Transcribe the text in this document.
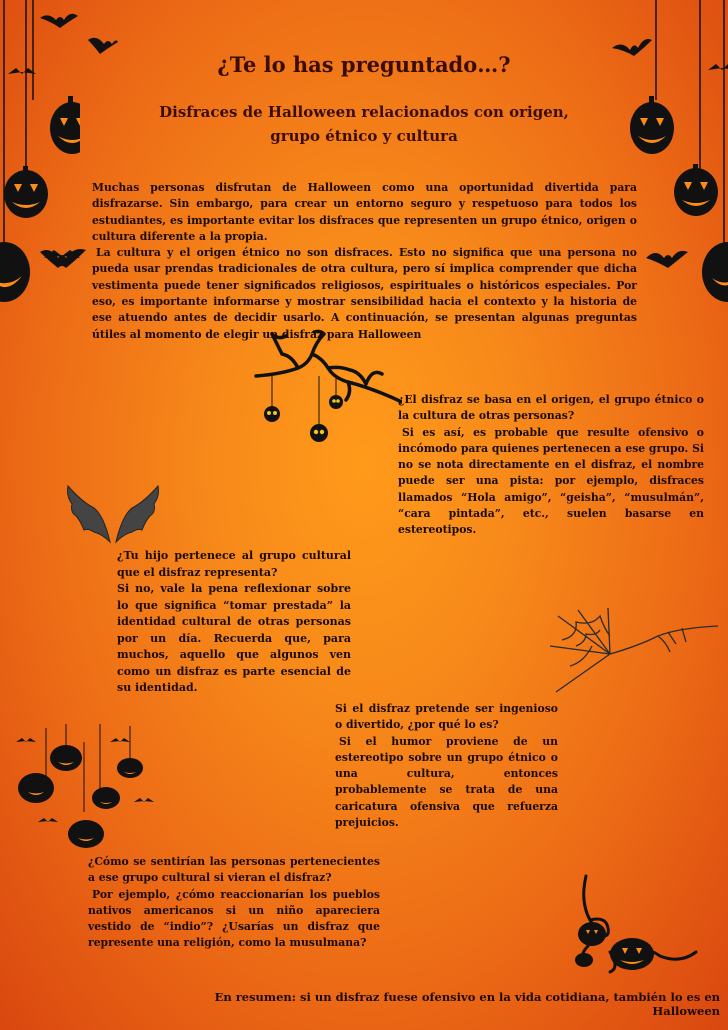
¿Te lo has preguntado…?
Disfraces de Halloween relacionados con origen,
grupo étnico y cultura

Muchas personas disfrutan de Halloween como una oportunidad divertida para disfrazarse. Sin embargo, para crear un entorno seguro y respetuoso para todos los estudiantes, es importante evitar los disfraces que representen un grupo étnico, origen o cultura diferente a la propia.

La cultura y el origen étnico no son disfraces. Esto no significa que una persona no pueda usar prendas tradicionales de otra cultura, pero sí implica comprender que dicha vestimenta puede tener significados religiosos, espirituales o históricos especiales. Por eso, es importante informarse y mostrar sensibilidad hacia el contexto y la historia de ese atuendo antes de decidir usarlo. A continuación, se presentan algunas preguntas útiles al momento de elegir un disfraz para Halloween

¿El disfraz se basa en el origen, el grupo étnico o la cultura de otras personas?

Si es así, es probable que resulte ofensivo o incómodo para quienes pertenecen a ese grupo. Si no se nota directamente en el disfraz, el nombre puede ser una pista: por ejemplo, disfraces llamados “Hola amigo”, “geisha”, “musulmán”, “cara pintada”, etc., suelen basarse en estereotipos.

¿Tu hijo pertenece al grupo cultural que el disfraz representa?

Si no, vale la pena reflexionar sobre lo que significa “tomar prestada” la identidad cultural de otras personas por un día. Recuerda que, para muchos, aquello que algunos ven como un disfraz es parte esencial de su identidad.

Si el disfraz pretende ser ingenioso o divertido, ¿por qué lo es?

Si el humor proviene de un estereotipo sobre un grupo étnico o una cultura, entonces probablemente se trata de una caricatura ofensiva que refuerza prejuicios.

¿Cómo se sentirían las personas pertenecientes a ese grupo cultural si vieran el disfraz?

Por ejemplo, ¿cómo reaccionarían los pueblos nativos americanos si un niño apareciera vestido de “indio”? ¿Usarías un disfraz que represente una religión, como la musulmana?

En resumen: si un disfraz fuese ofensivo en la vida cotidiana, también lo es en Halloween
